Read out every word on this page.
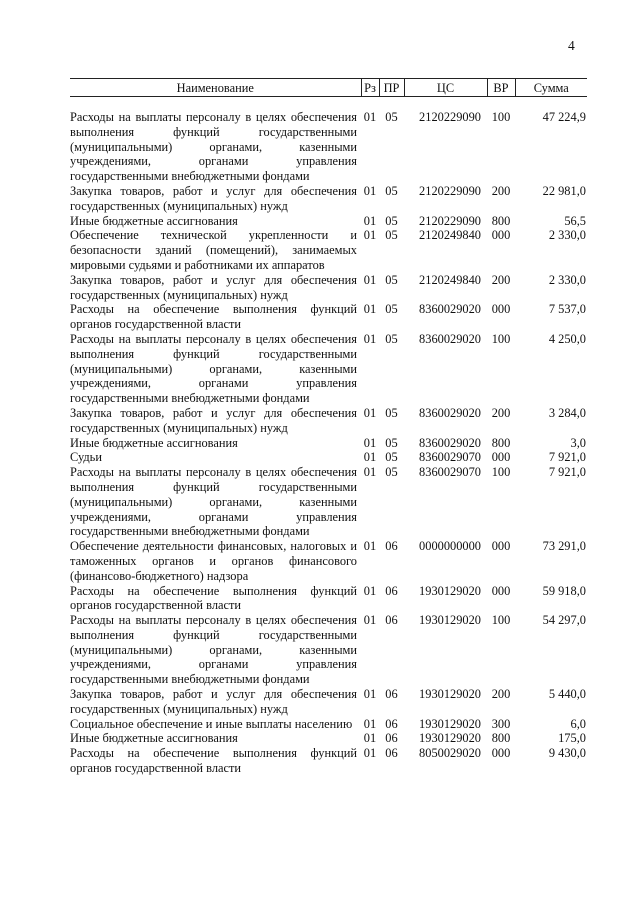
4
Наименование	Рз	ПР	ЦС	ВР	Сумма
Расходы на выплаты персоналу в целях обеспечения выполнения функций государственными (муниципальными) органами, казенными учреждениями, органами управления государственными внебюджетными фондами	01	05	2120229090	100	47 224,9
Закупка товаров, работ и услуг для обеспечения государственных (муниципальных) нужд	01	05	2120229090	200	22 981,0
Иные бюджетные ассигнования	01	05	2120229090	800	56,5
Обеспечение технической укрепленности и безопасности зданий (помещений), занимаемых мировыми судьями и работниками их аппаратов	01	05	2120249840	000	2 330,0
Закупка товаров, работ и услуг для обеспечения государственных (муниципальных) нужд	01	05	2120249840	200	2 330,0
Расходы на обеспечение выполнения функций органов государственной власти	01	05	8360029020	000	7 537,0
Расходы на выплаты персоналу в целях обеспечения выполнения функций государственными (муниципальными) органами, казенными учреждениями, органами управления государственными внебюджетными фондами	01	05	8360029020	100	4 250,0
Закупка товаров, работ и услуг для обеспечения государственных (муниципальных) нужд	01	05	8360029020	200	3 284,0
Иные бюджетные ассигнования	01	05	8360029020	800	3,0
Судьи	01	05	8360029070	000	7 921,0
Расходы на выплаты персоналу в целях обеспечения выполнения функций государственными (муниципальными) органами, казенными учреждениями, органами управления государственными внебюджетными фондами	01	05	8360029070	100	7 921,0
Обеспечение деятельности финансовых, налоговых и таможенных органов и органов финансового (финансово-бюджетного) надзора	01	06	0000000000	000	73 291,0
Расходы на обеспечение выполнения функций органов государственной власти	01	06	1930129020	000	59 918,0
Расходы на выплаты персоналу в целях обеспечения выполнения функций государственными (муниципальными) органами, казенными учреждениями, органами управления государственными внебюджетными фондами	01	06	1930129020	100	54 297,0
Закупка товаров, работ и услуг для обеспечения государственных (муниципальных) нужд	01	06	1930129020	200	5 440,0
Социальное обеспечение и иные выплаты населению	01	06	1930129020	300	6,0
Иные бюджетные ассигнования	01	06	1930129020	800	175,0
Расходы на обеспечение выполнения функций органов государственной власти	01	06	8050029020	000	9 430,0
